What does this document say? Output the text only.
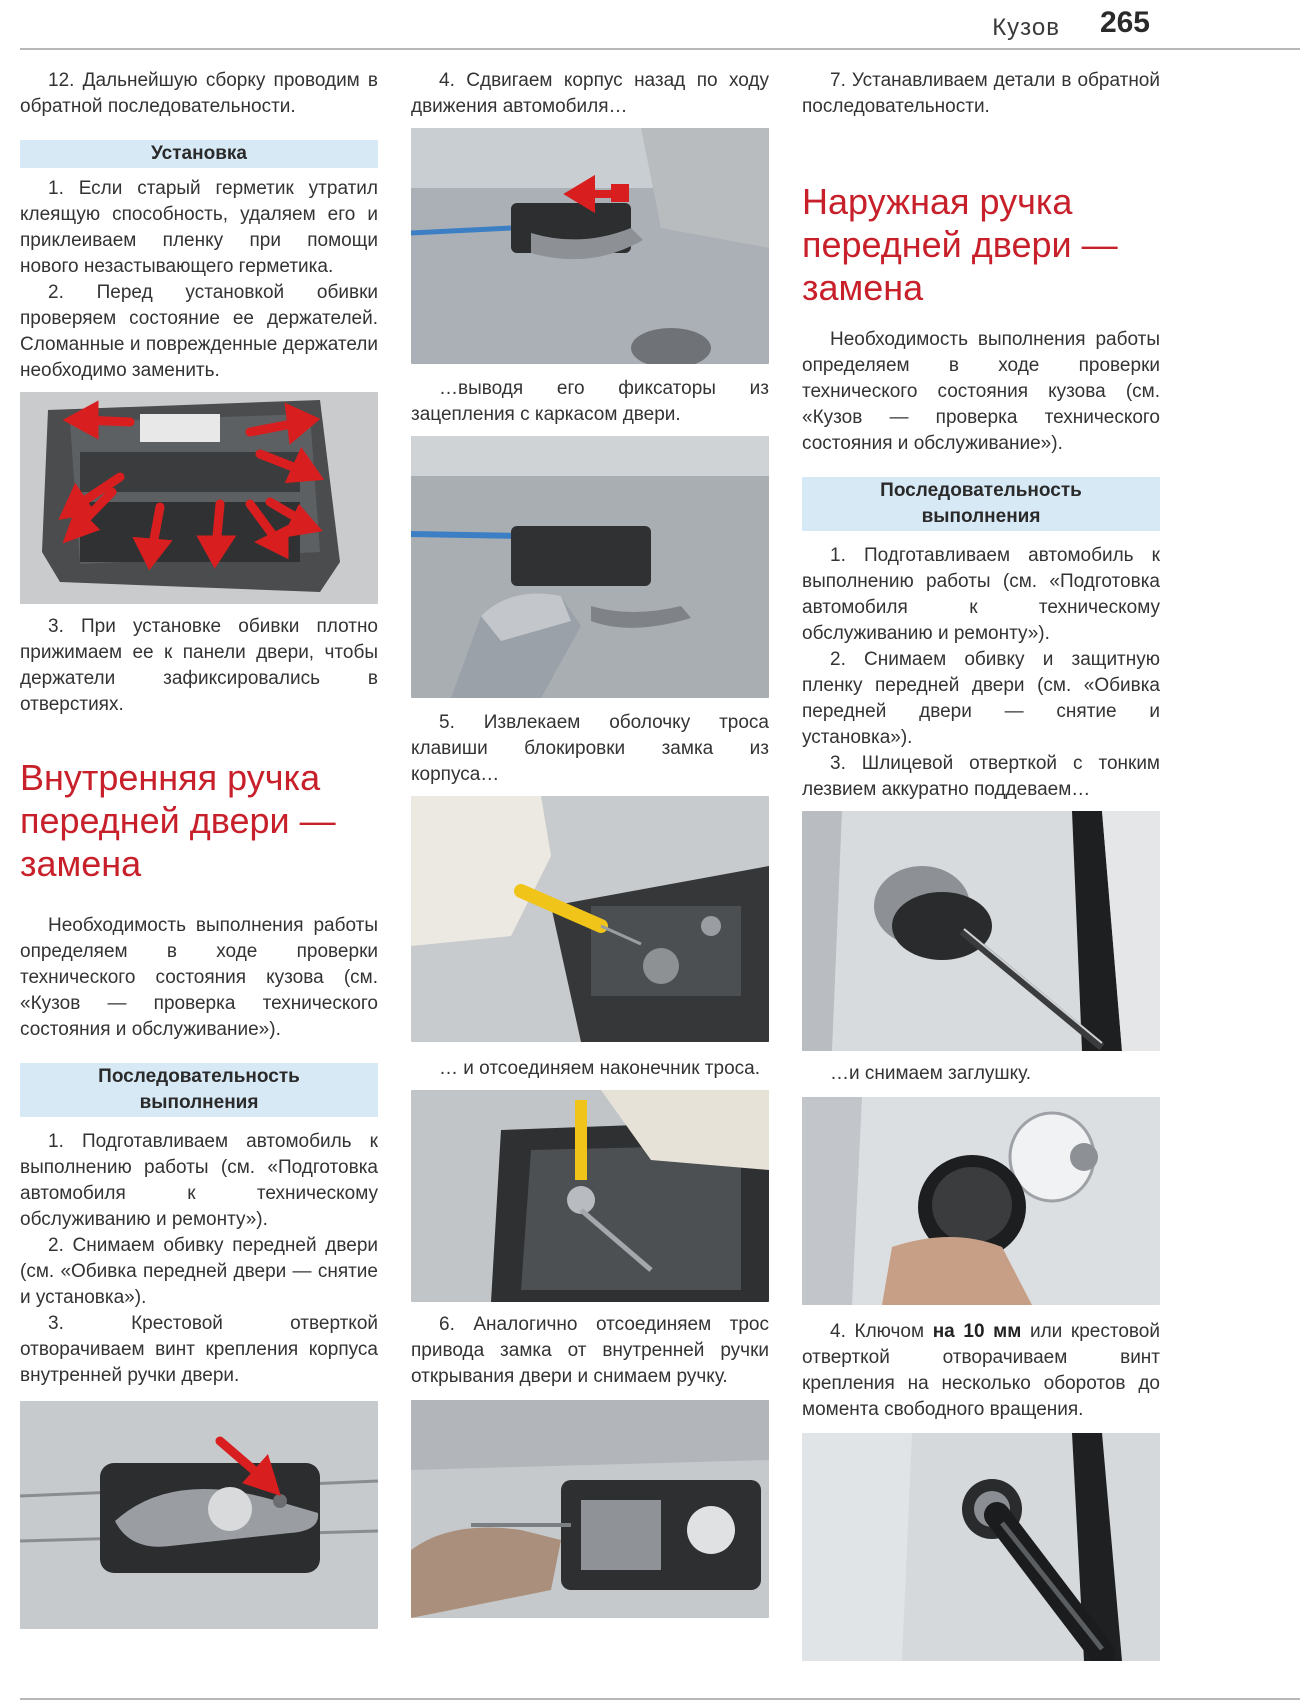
Кузов 265

12. Дальнейшую сборку проводим в обратной последовательности.

Установка

1. Если старый герметик утратил клеящую способность, удаляем его и приклеиваем пленку при помощи нового незастывающего герметика.

2. Перед установкой обивки проверяем состояние ее держателей. Сломанные и поврежденные держатели необходимо заменить.

3. При установке обивки плотно прижимаем ее к панели двери, чтобы держатели зафиксировались в отверстиях.

Внутренняя ручка
передней двери —
замена

Необходимость выполнения работы определяем в ходе проверки технического состояния кузова (см. «Кузов — проверка технического состояния и обслуживание»).

Последовательность
выполнения

1. Подготавливаем автомобиль к выполнению работы (см. «Подготовка автомобиля к техническому обслуживанию и ремонту»).

2. Снимаем обивку передней двери (см. «Обивка передней двери — снятие и установка»).

3. Крестовой отверткой отворачиваем винт крепления корпуса внутренней ручки двери.

4. Сдвигаем корпус назад по ходу движения автомобиля…

…выводя его фиксаторы из зацепления с каркасом двери.

5. Извлекаем оболочку троса клавиши блокировки замка из корпуса…

… и отсоединяем наконечник троса.

6. Аналогично отсоединяем трос привода замка от внутренней ручки открывания двери и снимаем ручку.

7. Устанавливаем детали в обратной последовательности.

Наружная ручка
передней двери —
замена

Необходимость выполнения работы определяем в ходе проверки технического состояния кузова (см. «Кузов — проверка технического состояния и обслуживание»).

Последовательность
выполнения

1. Подготавливаем автомобиль к выполнению работы (см. «Подготовка автомобиля к техническому обслуживанию и ремонту»).

2. Снимаем обивку и защитную пленку передней двери (см. «Обивка передней двери — снятие и установка»).

3. Шлицевой отверткой с тонким лезвием аккуратно поддеваем…

…и снимаем заглушку.

4. Ключом на 10 мм или крестовой отверткой отворачиваем винт крепления на несколько оборотов до момента свободного вращения.
